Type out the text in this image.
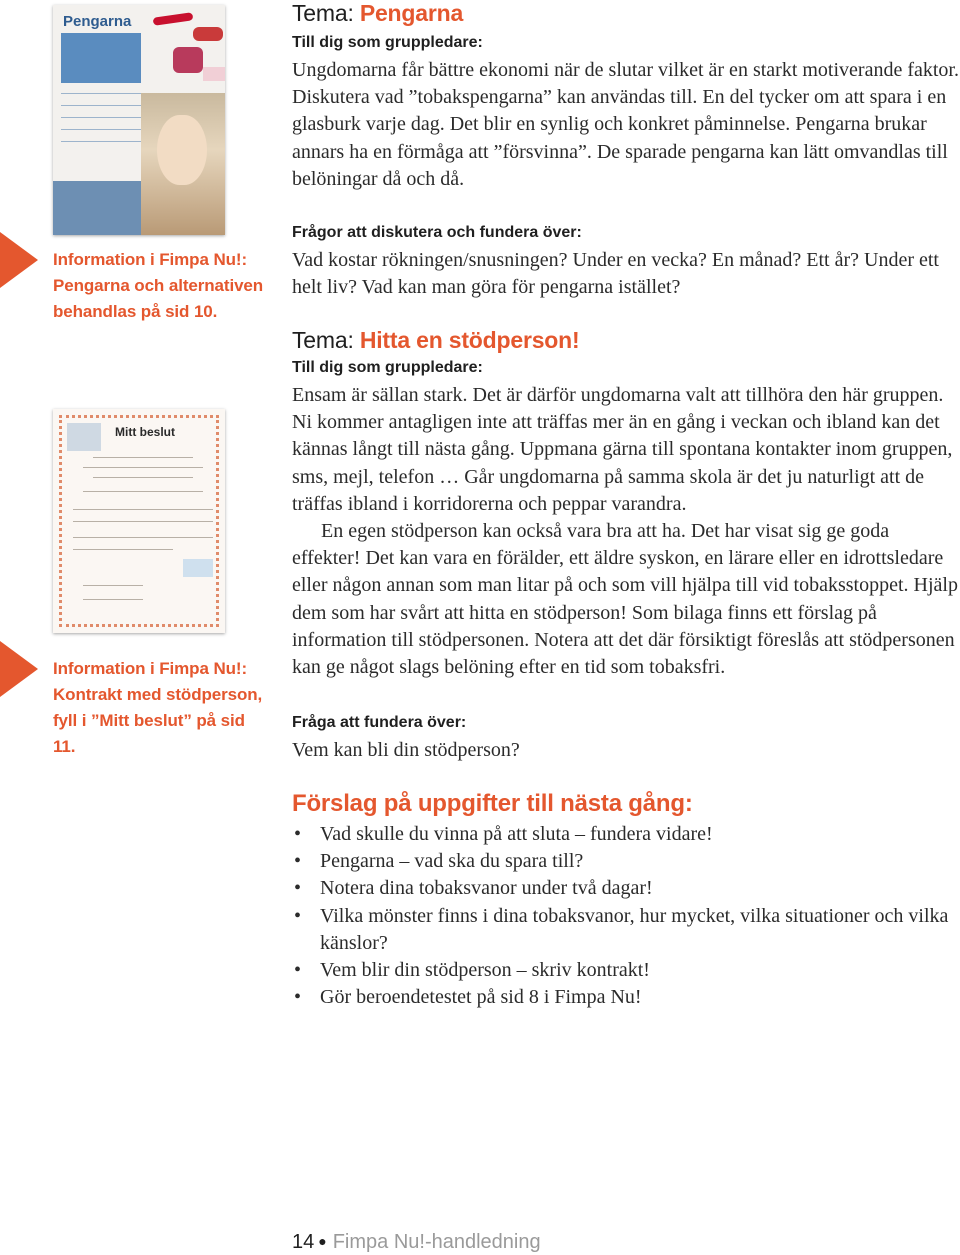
Pengarna
Mitt beslut
Information i Fimpa Nu!:
Pengarna och alternativen
behandlas på sid 10.
Information i Fimpa Nu!:
Kontrakt med stödperson,
fyll i ”Mitt beslut” på sid
11.
Tema: Pengarna
Till dig som gruppledare:
Ungdomarna får bättre ekonomi när de slutar vilket är en starkt motiverande faktor. Diskutera vad ”tobakspengarna” kan användas till. En del tycker om att spara i en glasburk varje dag. Det blir en synlig och konkret påminnelse. Pengarna brukar annars ha en förmåga att ”försvinna”. De sparade pengarna kan lätt omvandlas till belöningar då och då.
Frågor att diskutera och fundera över:
Vad kostar rökningen/snusningen? Under en vecka? En månad? Ett år? Under ett helt liv? Vad kan man göra för pengarna istället?
Tema: Hitta en stödperson!
Till dig som gruppledare:

Ensam är sällan stark. Det är därför ungdomarna valt att tillhöra den här gruppen. Ni kommer antagligen inte att träffas mer än en gång i veckan och ibland kan det kännas långt till nästa gång. Uppmana gärna till spontana kontakter inom gruppen, sms, mejl, telefon … Går ungdomarna på samma skola är det ju naturligt att de träffas ibland i korridorerna och peppar varandra.

En egen stödperson kan också vara bra att ha. Det har visat sig ge goda effekter! Det kan vara en förälder, ett äldre syskon, en lärare eller en idrottsledare eller någon annan som man litar på och som vill hjälpa till vid tobaksstoppet. Hjälp dem som har svårt att hitta en stödperson! Som bilaga finns ett förslag på information till stödpersonen. Notera att det där försiktigt föreslås att stödpersonen kan ge något slags belöning efter en tid som tobaksfri.

Fråga att fundera över:
Vem kan bli din stödperson?
Förslag på uppgifter till nästa gång:
• Vad skulle du vinna på att sluta – fundera vidare!
• Pengarna – vad ska du spara till?
• Notera dina tobaksvanor under två dagar!
• Vilka mönster finns i dina tobaksvanor, hur mycket, vilka situationer och vilka känslor?
• Vem blir din stödperson – skriv kontrakt!
• Gör beroendetestet på sid 8 i Fimpa Nu!
14 ● Fimpa Nu!-handledning
